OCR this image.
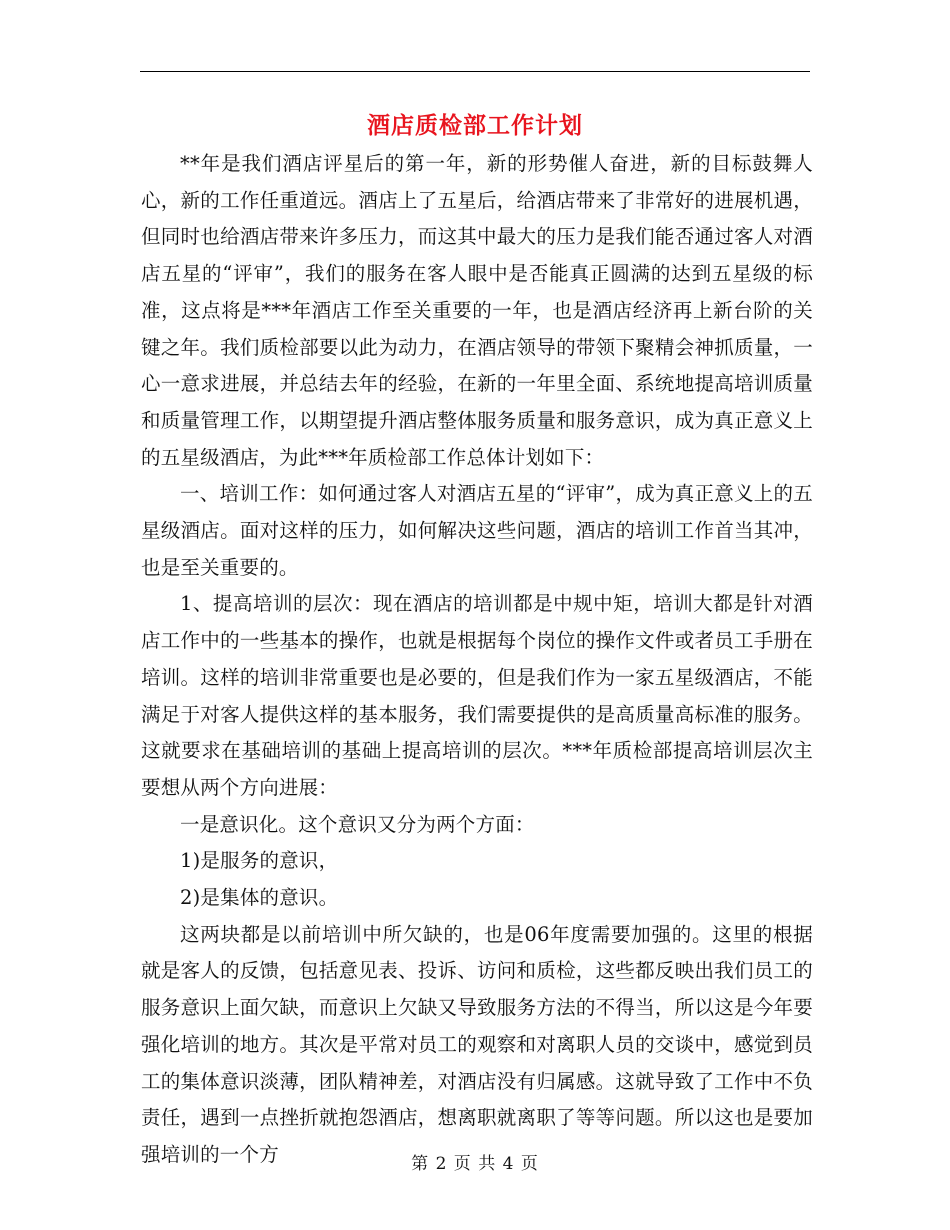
酒店质检部工作计划

**年是我们酒店评星后的第一年，新的形势催人奋进，新的目标鼓舞人心，新的工作任重道远。酒店上了五星后，给酒店带来了非常好的进展机遇，但同时也给酒店带来许多压力，而这其中最大的压力是我们能否通过客人对酒店五星的“评审”，我们的服务在客人眼中是否能真正圆满的达到五星级的标准，这点将是***年酒店工作至关重要的一年，也是酒店经济再上新台阶的关键之年。我们质检部要以此为动力，在酒店领导的带领下聚精会神抓质量，一心一意求进展，并总结去年的经验，在新的一年里全面、系统地提高培训质量和质量管理工作，以期望提升酒店整体服务质量和服务意识，成为真正意义上的五星级酒店，为此***年质检部工作总体计划如下：

一、培训工作：如何通过客人对酒店五星的“评审”，成为真正意义上的五星级酒店。面对这样的压力，如何解决这些问题，酒店的培训工作首当其冲，也是至关重要的。

1、提高培训的层次：现在酒店的培训都是中规中矩，培训大都是针对酒店工作中的一些基本的操作，也就是根据每个岗位的操作文件或者员工手册在培训。这样的培训非常重要也是必要的，但是我们作为一家五星级酒店，不能满足于对客人提供这样的基本服务，我们需要提供的是高质量高标准的服务。这就要求在基础培训的基础上提高培训的层次。***年质检部提高培训层次主要想从两个方向进展：

一是意识化。这个意识又分为两个方面：

1)是服务的意识，

2)是集体的意识。

这两块都是以前培训中所欠缺的，也是06年度需要加强的。这里的根据就是客人的反馈，包括意见表、投诉、访问和质检，这些都反映出我们员工的服务意识上面欠缺，而意识上欠缺又导致服务方法的不得当，所以这是今年要强化培训的地方。其次是平常对员工的观察和对离职人员的交谈中，感觉到员工的集体意识淡薄，团队精神差，对酒店没有归属感。这就导致了工作中不负责任，遇到一点挫折就抱怨酒店，想离职就离职了等等问题。所以这也是要加强培训的一个方	第 2 页 共 4 页
